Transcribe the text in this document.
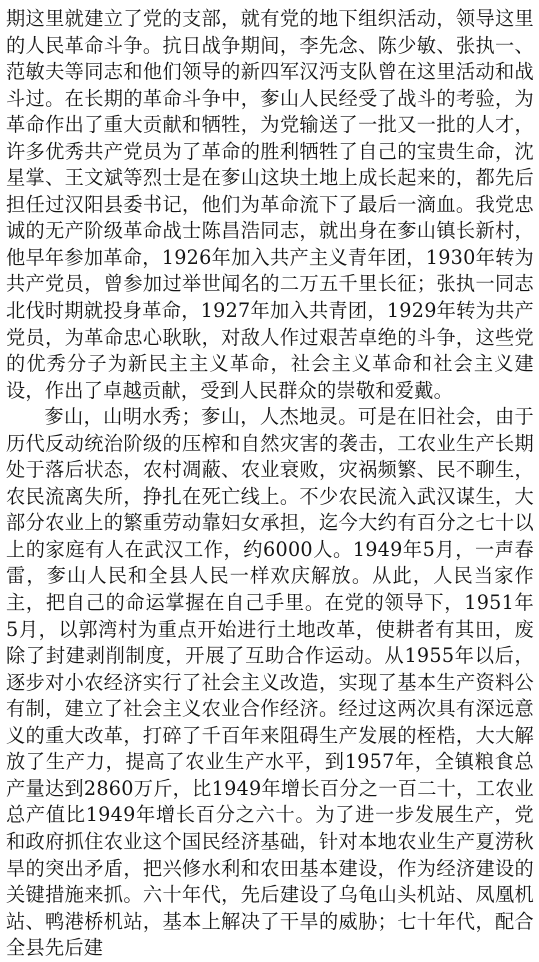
期这里就建立了党的支部，就有党的地下组织活动，领导这里的人民革命斗争。抗日战争期间，李先念、陈少敏、张执一、范敏夫等同志和他们领导的新四军汉沔支队曾在这里活动和战斗过。在长期的革命斗争中，奓山人民经受了战斗的考验，为革命作出了重大贡献和牺牲，为党输送了一批又一批的人才，许多优秀共产党员为了革命的胜利牺牲了自己的宝贵生命，沈星掌、王文斌等烈士是在奓山这块土地上成长起来的，都先后担任过汉阳县委书记，他们为革命流下了最后一滴血。我党忠诚的无产阶级革命战士陈昌浩同志，就出身在奓山镇长新村，他早年参加革命，1926年加入共产主义青年团，1930年转为共产党员，曾参加过举世闻名的二万五千里长征；张执一同志北伐时期就投身革命，1927年加入共青团，1929年转为共产党员，为革命忠心耿耿，对敌人作过艰苦卓绝的斗争，这些党的优秀分子为新民主主义革命，社会主义革命和社会主义建设，作出了卓越贡献，受到人民群众的崇敬和爱戴。

奓山，山明水秀；奓山，人杰地灵。可是在旧社会，由于历代反动统治阶级的压榨和自然灾害的袭击，工农业生产长期处于落后状态，农村凋蔽、农业衰败，灾祸频繁、民不聊生，农民流离失所，挣扎在死亡线上。不少农民流入武汉谋生，大部分农业上的繁重劳动靠妇女承担，迄今大约有百分之七十以上的家庭有人在武汉工作，约6000人。1949年5月，一声春雷，奓山人民和全县人民一样欢庆解放。从此，人民当家作主，把自己的命运掌握在自己手里。在党的领导下，1951年5月，以郭湾村为重点开始进行土地改革，使耕者有其田，废除了封建剥削制度，开展了互助合作运动。从1955年以后，逐步对小农经济实行了社会主义改造，实现了基本生产资料公有制，建立了社会主义农业合作经济。经过这两次具有深远意义的重大改革，打碎了千百年来阻碍生产发展的桎梏，大大解放了生产力，提高了农业生产水平，到1957年，全镇粮食总产量达到2860万斤，比1949年增长百分之一百二十，工农业总产值比1949年增长百分之六十。为了进一步发展生产，党和政府抓住农业这个国民经济基础，针对本地农业生产夏涝秋旱的突出矛盾，把兴修水利和农田基本建设，作为经济建设的关键措施来抓。六十年代，先后建设了乌龟山头机站、凤凰机站、鸭港桥机站，基本上解决了干旱的威胁；七十年代，配合全县先后建
